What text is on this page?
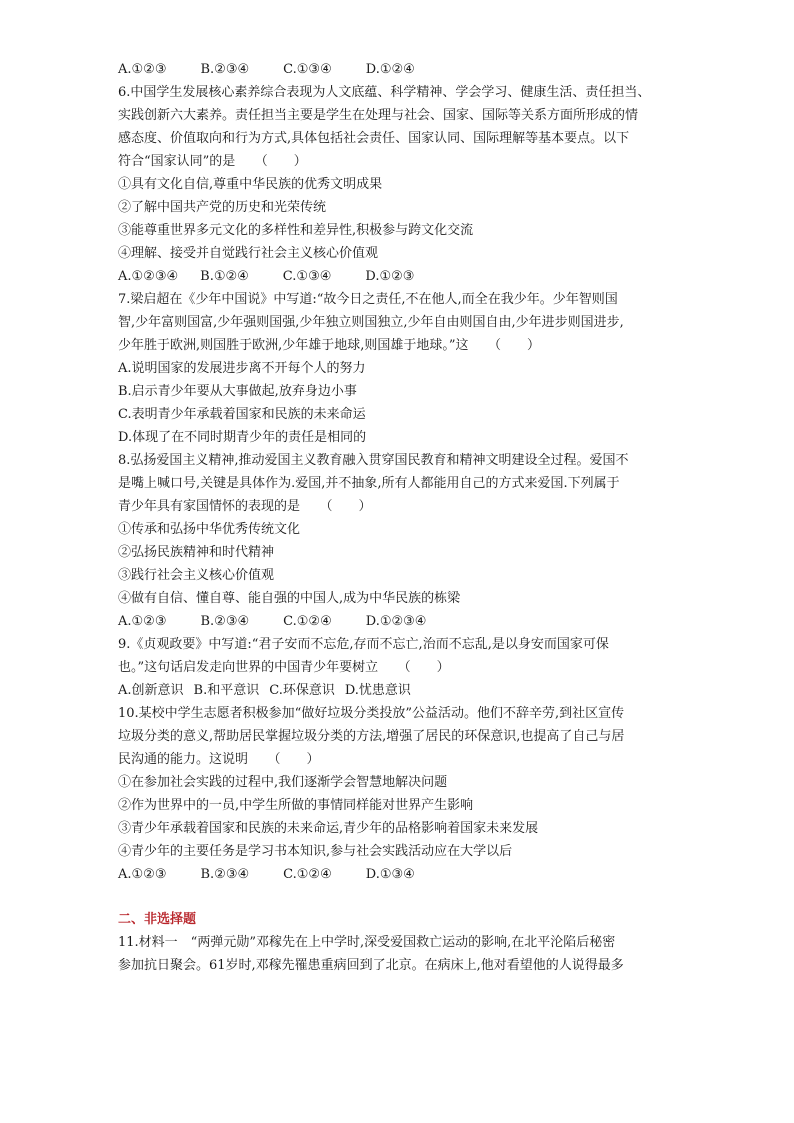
A.①②③	B.②③④	C.①③④	D.①②④
6.中国学生发展核心素养综合表现为人文底蕴、科学精神、学会学习、健康生活、责任担当、
实践创新六大素养。责任担当主要是学生在处理与社会、国家、国际等关系方面所形成的情
感态度、价值取向和行为方式,具体包括社会责任、国家认同、国际理解等基本要点。以下
符合“国家认同”的是　　（　　）
①具有文化自信,尊重中华民族的优秀文明成果
②了解中国共产党的历史和光荣传统
③能尊重世界多元文化的多样性和差异性,积极参与跨文化交流
④理解、接受并自觉践行社会主义核心价值观
A.①②③④ B.①②④	C.①③④	D.①②③
7.梁启超在《少年中国说》中写道:“故今日之责任,不在他人,而全在我少年。少年智则国
智,少年富则国富,少年强则国强,少年独立则国独立,少年自由则国自由,少年进步则国进步,
少年胜于欧洲,则国胜于欧洲,少年雄于地球,则国雄于地球。”这　　（　　）
A.说明国家的发展进步离不开每个人的努力
B.启示青少年要从大事做起,放弃身边小事
C.表明青少年承载着国家和民族的未来命运
D.体现了在不同时期青少年的责任是相同的
8.弘扬爱国主义精神,推动爱国主义教育融入贯穿国民教育和精神文明建设全过程。爱国不
是嘴上喊口号,关键是具体作为.爱国,并不抽象,所有人都能用自己的方式来爱国.下列属于
青少年具有家国情怀的表现的是　　（　　）
①传承和弘扬中华优秀传统文化
②弘扬民族精神和时代精神
③践行社会主义核心价值观
④做有自信、懂自尊、能自强的中国人,成为中华民族的栋梁
A.①②③	B.②③④	C.①②④	D.①②③④
9.《贞观政要》中写道:“君子安而不忘危,存而不忘亡,治而不忘乱,是以身安而国家可保
也。”这句话启发走向世界的中国青少年要树立　　（　　）
A.创新意识 B.和平意识 C.环保意识 D.忧患意识
10.某校中学生志愿者积极参加“做好垃圾分类投放”公益活动。他们不辞辛劳,到社区宣传
垃圾分类的意义,帮助居民掌握垃圾分类的方法,增强了居民的环保意识,也提高了自己与居
民沟通的能力。这说明　　（　　）
①在参加社会实践的过程中,我们逐渐学会智慧地解决问题
②作为世界中的一员,中学生所做的事情同样能对世界产生影响
③青少年承载着国家和民族的未来命运,青少年的品格影响着国家未来发展
④青少年的主要任务是学习书本知识,参与社会实践活动应在大学以后
A.①②③	B.②③④	C.①②④	D.①③④
二、非选择题
11.材料一　“两弹元勋”邓稼先在上中学时,深受爱国救亡运动的影响,在北平沦陷后秘密
参加抗日聚会。61岁时,邓稼先罹患重病回到了北京。在病床上,他对看望他的人说得最多
